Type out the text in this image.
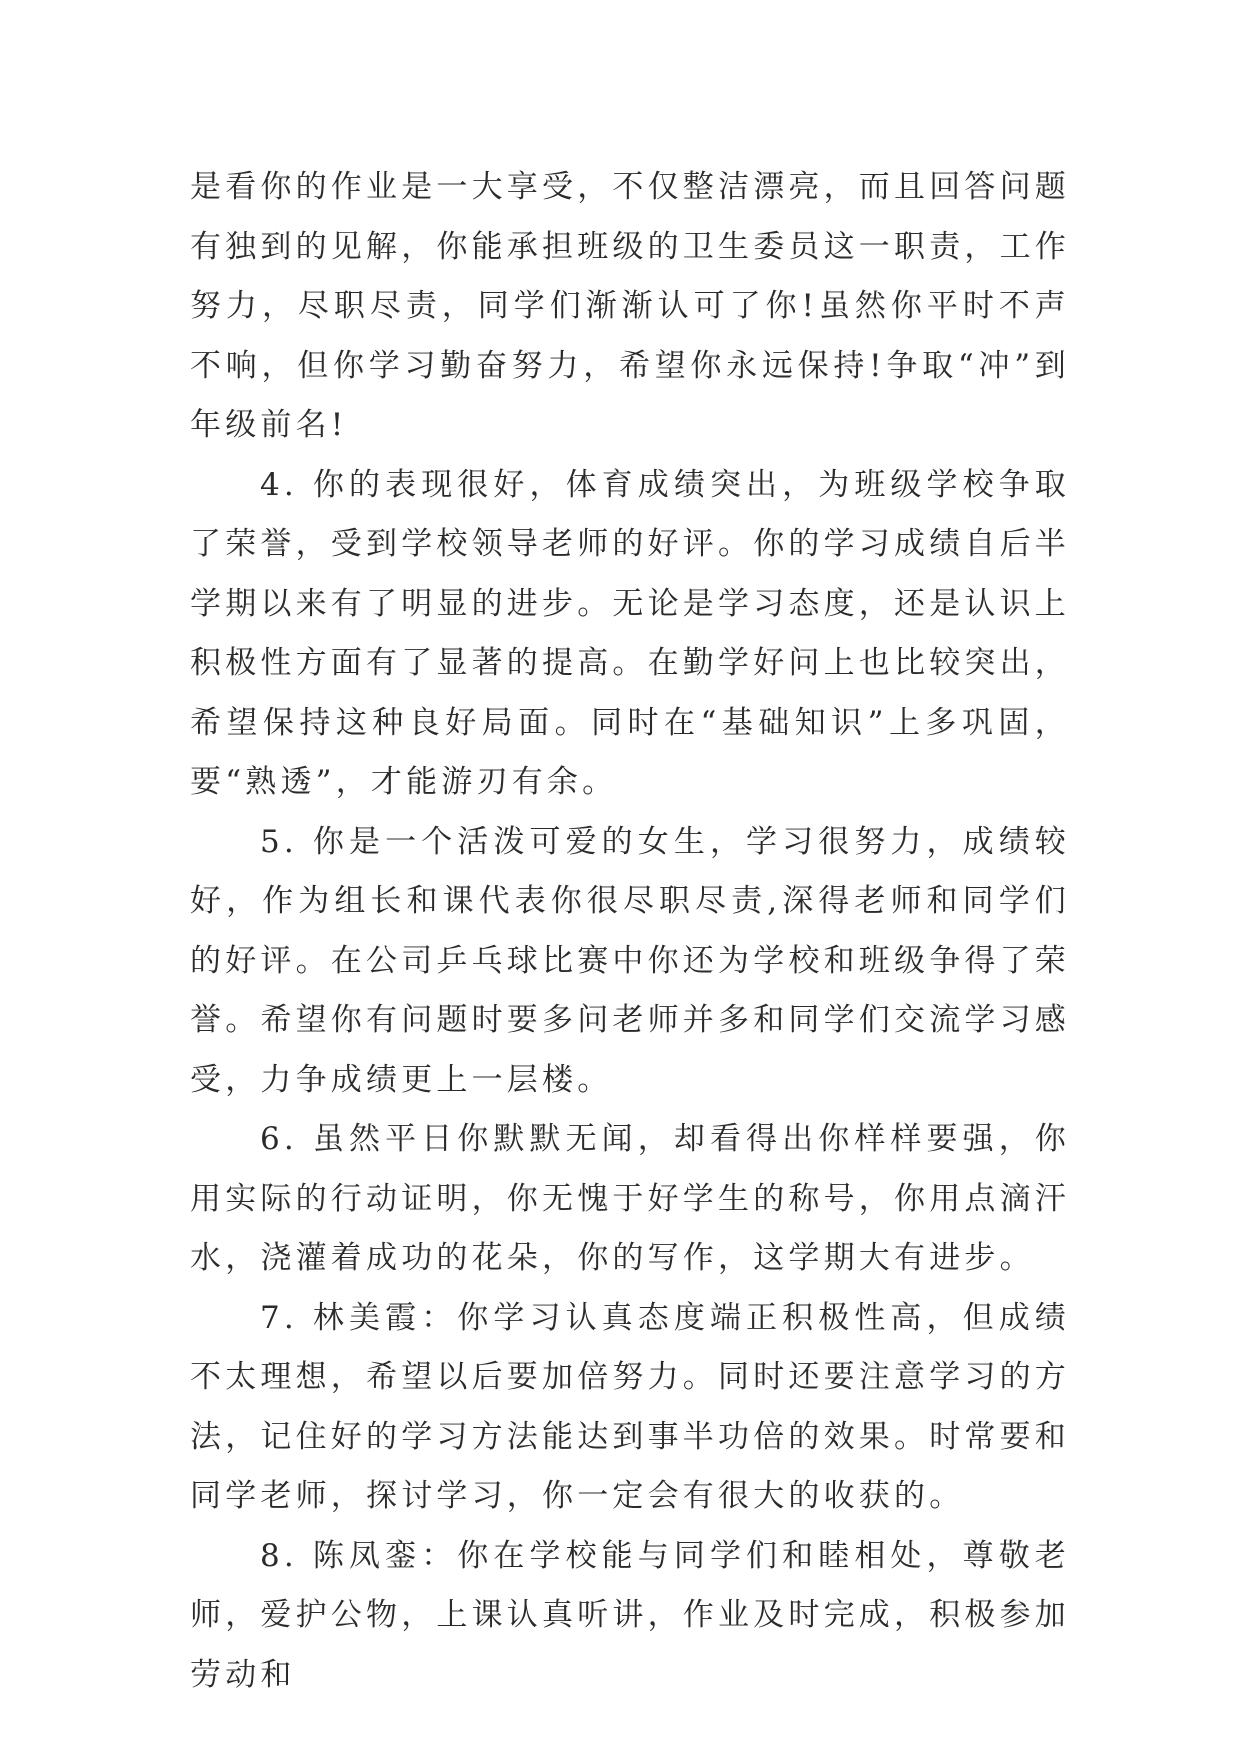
是看你的作业是一大享受，不仅整洁漂亮，而且回答问题有独到的见解，你能承担班级的卫生委员这一职责，工作努力，尽职尽责，同学们渐渐认可了你!虽然你平时不声不响，但你学习勤奋努力，希望你永远保持!争取“冲”到年级前名!

4. 你的表现很好，体育成绩突出，为班级学校争取了荣誉，受到学校领导老师的好评。你的学习成绩自后半学期以来有了明显的进步。无论是学习态度，还是认识上积极性方面有了显著的提高。在勤学好问上也比较突出，希望保持这种良好局面。同时在“基础知识”上多巩固，要“熟透”，才能游刃有余。

5. 你是一个活泼可爱的女生，学习很努力，成绩较好，作为组长和课代表你很尽职尽责,深得老师和同学们的好评。在公司乒乓球比赛中你还为学校和班级争得了荣誉。希望你有问题时要多问老师并多和同学们交流学习感受，力争成绩更上一层楼。

6. 虽然平日你默默无闻，却看得出你样样要强，你用实际的行动证明，你无愧于好学生的称号，你用点滴汗水，浇灌着成功的花朵，你的写作，这学期大有进步。

7. 林美霞：你学习认真态度端正积极性高，但成绩不太理想，希望以后要加倍努力。同时还要注意学习的方法，记住好的学习方法能达到事半功倍的效果。时常要和同学老师，探讨学习，你一定会有很大的收获的。

8. 陈凤銮：你在学校能与同学们和睦相处，尊敬老师，爱护公物，上课认真听讲，作业及时完成，积极参加劳动和
